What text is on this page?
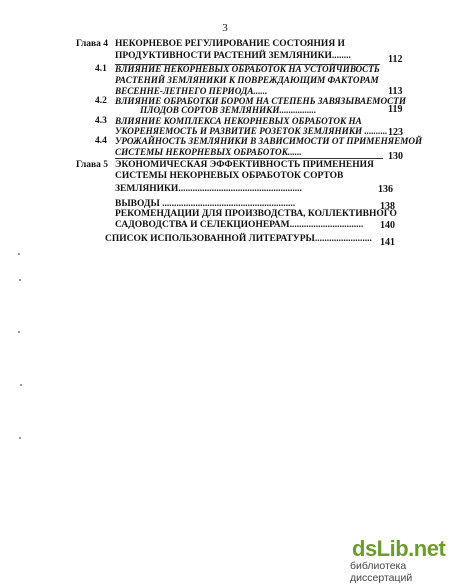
3
Глава 4 НЕКОРНЕВОЕ РЕГУЛИРОВАНИЕ СОСТОЯНИЯ И
ПРОДУКТИВНОСТИ РАСТЕНИЙ ЗЕМЛЯНИКИ........	112
4.1 ВЛИЯНИЕ НЕКОРНЕВЫХ ОБРАБОТОК НА УСТОЙЧИВОСТЬ
РАСТЕНИЙ ЗЕМЛЯНИКИ К ПОВРЕЖДАЮЩИМ ФАКТОРАМ
ВЕСЕННЕ-ЛЕТНЕГО ПЕРИОДА......	113
4.2 ВЛИЯНИЕ ОБРАБОТКИ БОРОМ НА СТЕПЕНЬ ЗАВЯЗЫВАЕМОСТИ
ПЛОДОВ СОРТОВ ЗЕМЛЯНИКИ................	119
4.3 ВЛИЯНИЕ КОМПЛЕКСА НЕКОРНЕВЫХ ОБРАБОТОК НА
УКОРЕНЯЕМОСТЬ И РАЗВИТИЕ РОЗЕТОК ЗЕМЛЯНИКИ .......... 123
4.4 УРОЖАЙНОСТЬ ЗЕМЛЯНИКИ В ЗАВИСИМОСТИ ОТ ПРИМЕНЯЕМОЙ
СИСТЕМЫ НЕКОРНЕВЫХ ОБРАБОТОК......	130
Глава 5 ЭКОНОМИЧЕСКАЯ ЭФФЕКТИВНОСТЬ ПРИМЕНЕНИЯ
СИСТЕМЫ НЕКОРНЕВЫХ ОБРАБОТОК СОРТОВ
ЗЕМЛЯНИКИ....................................................	136
ВЫВОДЫ ........................................................	138
РЕКОМЕНДАЦИИ ДЛЯ ПРОИЗВОДСТВА, КОЛЛЕКТИВНОГО
САДОВОДСТВА И СЕЛЕКЦИОНЕРАМ............................... 140
СПИСОК ИСПОЛЬЗОВАННОЙ ЛИТЕРАТУРЫ........................ 141
dsLib.net
библиотека диссертаций
